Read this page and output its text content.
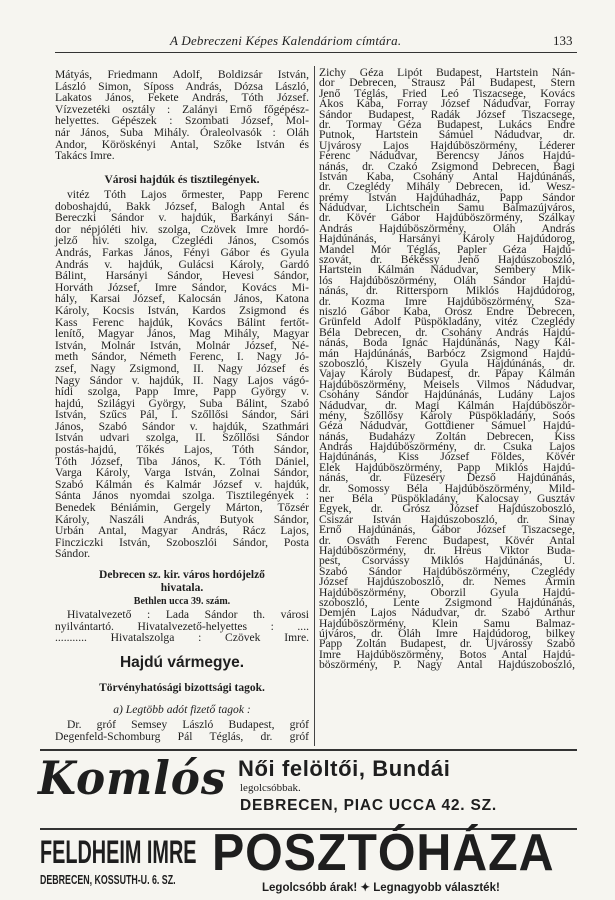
A Debreczeni Képes Kalendáriom címtára.	133
Mátyás, Friedmann Adolf, Boldizsár István,
László Simon, Síposs András, Dózsa László,
Lakatos János, Fekete András, Tóth József.
Vízvezetéki osztály : Zalányi Ernő főgépész-
helyettes. Gépészek : Szombati József, Mol-
nár János, Suba Mihály. Óraleolvasók : Oláh
Andor, Köröskényi Antal, Szőke István és
Takács Imre.
Városi hajdúk és tisztilegények.
vitéz Tóth Lajos őrmester, Papp Ferenc
doboshajdú, Bakk József, Balogh Antal és
Bereczki Sándor v. hajdúk, Barkányi Sán-
dor népjóléti hiv. szolga, Czövek Imre hordó-
jelző hiv. szolga, Czeglédi János, Csomós
András, Farkas János, Fényi Gábor és Gyula
András v. hajdúk, Gulácsi Károly, Gardó
Bálint, Harsányi Sándor, Hevesi Sándor,
Horváth József, Imre Sándor, Kovács Mi-
hály, Karsai József, Kalocsán János, Katona
Károly, Kocsis István, Kardos Zsigmond és
Kass Ferenc hajdúk, Kovács Bálint fertőt-
lenítő, Magyar János, Mag Mihály, Magyar
István, Molnár István, Molnár József, Né-
meth Sándor, Németh Ferenc, I. Nagy Jó-
zsef, Nagy Zsigmond, II. Nagy József és
Nagy Sándor v. hajdúk, II. Nagy Lajos vágó-
hídi szolga, Papp Imre, Papp György v.
hajdú, Szilágyi György, Suba Bálint, Szabó
István, Szűcs Pál, I. Szőllősi Sándor, Sári
János, Szabó Sándor v. hajdúk, Szathmári
István udvari szolga, II. Szőllősi Sándor
postás-hajdú, Tőkés Lajos, Tóth Sándor,
Tóth József, Tiba János, K. Tóth Dániel,
Varga Károly, Varga István, Zolnai Sándor,
Szabó Kálmán és Kalmár József v. hajdúk,
Sánta János nyomdai szolga. Tisztilegények :
Benedek Béniámin, Gergely Márton, Tőzsér
Károly, Naszáli András, Butyok Sándor,
Urbán Antal, Magyar András, Rácz Lajos,
Fincziczki István, Szoboszlói Sándor, Posta
Sándor.
Debrecen sz. kir. város hordójelző
hivatala.
Bethlen ucca 39. szám.
Hivatalvezető : Lada Sándor th. városi
nyilvántartó. Hivatalvezető-helyettes : ....
........... Hivatalszolga : Czövek Imre.
Hajdú vármegye.
Törvényhatósági bizottsági tagok.
a) Legtöbb adót fizető tagok :
Dr. gróf Semsey László Budapest, gróf
Degenfeld-Schomburg Pál Téglás, dr. gróf
Zichy Géza Lipót Budapest, Hartstein Nán-
dor Debrecen, Strausz Pál Budapest, Stern
Jenő Téglás, Fried Leó Tiszacsege, Kovács
Ákos Kaba, Forray József Nádudvar, Forray
Sándor Budapest, Radák József Tiszacsege,
dr. Tormay Géza Budapest, Lukács Endre
Putnok, Hartstein Sámuel Nádudvar, dr.
Ujvárosy Lajos Hajdúböszörmény, Léderer
Ferenc Nádudvar, Berencsy János Hajdú-
nánás, dr. Czakó Zsigmond Debrecen, Bagi
István Kaba, Csohány Antal Hajdúnánás,
dr. Czeglédy Mihály Debrecen, id. Wesz-
prémy István Hajdúhadház, Papp Sándor
Nádudvar, Lichtschein Samu Balmazújváros,
dr. Kövér Gábor Hajdúböszörmény, Szálkay
András Hajdúböszörmény, Oláh András
Hajdúnánás, Harsányi Károly Hajdúdorog,
Mandel Mór Téglás, Papler Géza Hajdú-
szovát, dr. Békéssy Jenő Hajdúszoboszló,
Hartstein Kálmán Nádudvar, Sembery Mik-
lós Hajdúböszörmény, Oláh Sándor Hajdú-
nánás, dr. Rittersporn Miklós Hajdúdorog,
dr. Kozma Imre Hajdúböszörmény, Sza-
niszló Gábor Kaba, Orosz Endre Debrecen,
Grünfeld Adolf Püspökladány, vitéz Czeglédy
Béla Debrecen, dr. Csohány András Hajdú-
nánás, Boda Ignác Hajdúnánás, Nagy Kál-
mán Hajdúnánás, Barbócz Zsigmond Hajdú-
szoboszló, Kiszely Gyula Hajdúnánás, dr.
Vajay Károly Budapest, dr. Pápay Kálmán
Hajdúböszörmény, Meisels Vilmos Nádudvar,
Csohány Sándor Hajdúnánás, Ludány Lajos
Nádudvar, dr. Magi Kálmán Hajdúböször-
mény, Szőllősy Károly Püspökladány, Soós
Géza Nádudvar, Gottdiener Sámuel Hajdú-
nánás, Budaházy Zoltán Debrecen, Kiss
András Hajdúböszörmény, dr. Csuka Lajos
Hajdúnánás, Kiss József Földes, Kövér
Elek Hajdúböszörmény, Papp Miklós Hajdú-
nánás, dr. Füzeséry Dezső Hajdúnánás,
dr. Somossy Béla Hajdúböszörmény, Mild-
ner Béla Püspökladány, Kalocsay Gusztáv
Egyek, dr. Grósz József Hajdúszoboszló,
Csiszár István Hajdúszoboszló, dr. Sinay
Ernő Hajdúnánás, Gábor József Tiszacsege,
dr. Osváth Ferenc Budapest, Kövér Antal
Hajdúböszörmény, dr. Hreus Viktor Buda-
pest, Csorvássy Miklós Hajdúnánás, U.
Szabó Sándor Hajdúböszörmény, Czeglédy
József Hajdúszoboszló, dr. Nemes Ármin
Hajdúböszörmény, Oborzil Gyula Hajdú-
szoboszló, Lente Zsigmond Hajdúnánás,
Demjén Lajos Nádudvar, dr. Szabó Arthur
Hajdúböszörmény, Klein Samu Balmaz-
újváros, dr. Oláh Imre Hajdúdorog, bilkey
Papp Zoltán Budapest, dr. Ujvárossy Szabó
Imre Hajdúböszörmény, Botos Antal Hajdú-
böszörmény, P. Nagy Antal Hajdúszoboszló,
Komlós Női felöltői, Bundái
legolcsóbbak.
DEBRECEN, PIAC UCCA 42. SZ.
FELDHEIM IMRE
DEBRECEN, KOSSUTH-U. 6. SZ. POSZTÓHÁZA
Legolcsóbb árak! ✦ Legnagyobb választék!
